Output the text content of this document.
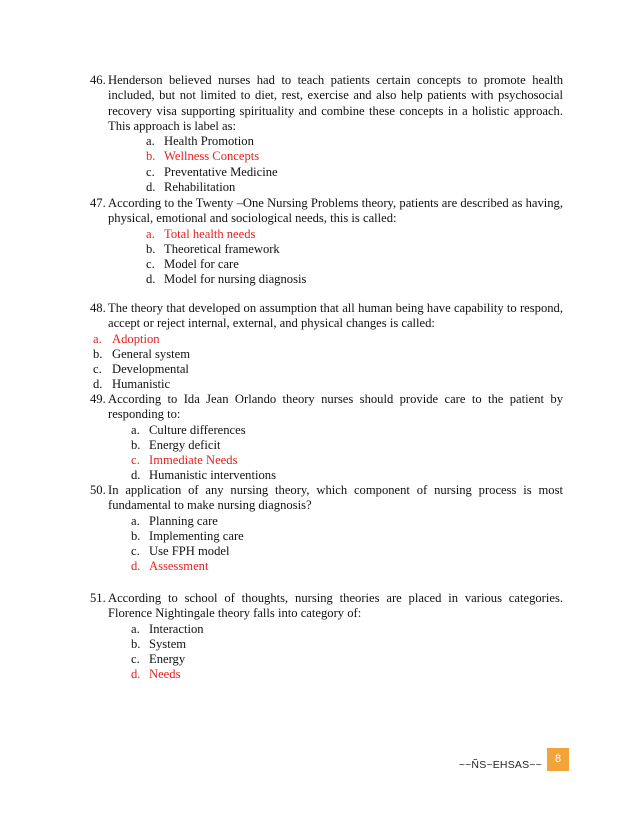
46. Henderson believed nurses had to teach patients certain concepts to promote health included, but not limited to diet, rest, exercise and also help patients with psychosocial recovery visa supporting spirituality and combine these concepts in a holistic approach. This approach is label as:
a. Health Promotion
b. Wellness Concepts
c. Preventative Medicine
d. Rehabilitation
47. According to the Twenty –One Nursing Problems theory, patients are described as having, physical, emotional and sociological needs, this is called:
a. Total health needs
b. Theoretical framework
c. Model for care
d. Model for nursing diagnosis
48. The theory that developed on assumption that all human being have capability to respond, accept or reject internal, external, and physical changes is called:
a. Adoption
b. General system
c. Developmental
d. Humanistic
49. According to Ida Jean Orlando theory nurses should provide care to the patient by responding to:
a. Culture differences
b. Energy deficit
c. Immediate Needs
d. Humanistic interventions
50. In application of any nursing theory, which component of nursing process is most fundamental to make nursing diagnosis?
a. Planning care
b. Implementing care
c. Use FPH model
d. Assessment
51. According to school of thoughts, nursing theories are placed in various categories. Florence Nightingale theory falls into category of:
a. Interaction
b. System
c. Energy
d. Needs
~~ÑS~EHSAS~~	8
